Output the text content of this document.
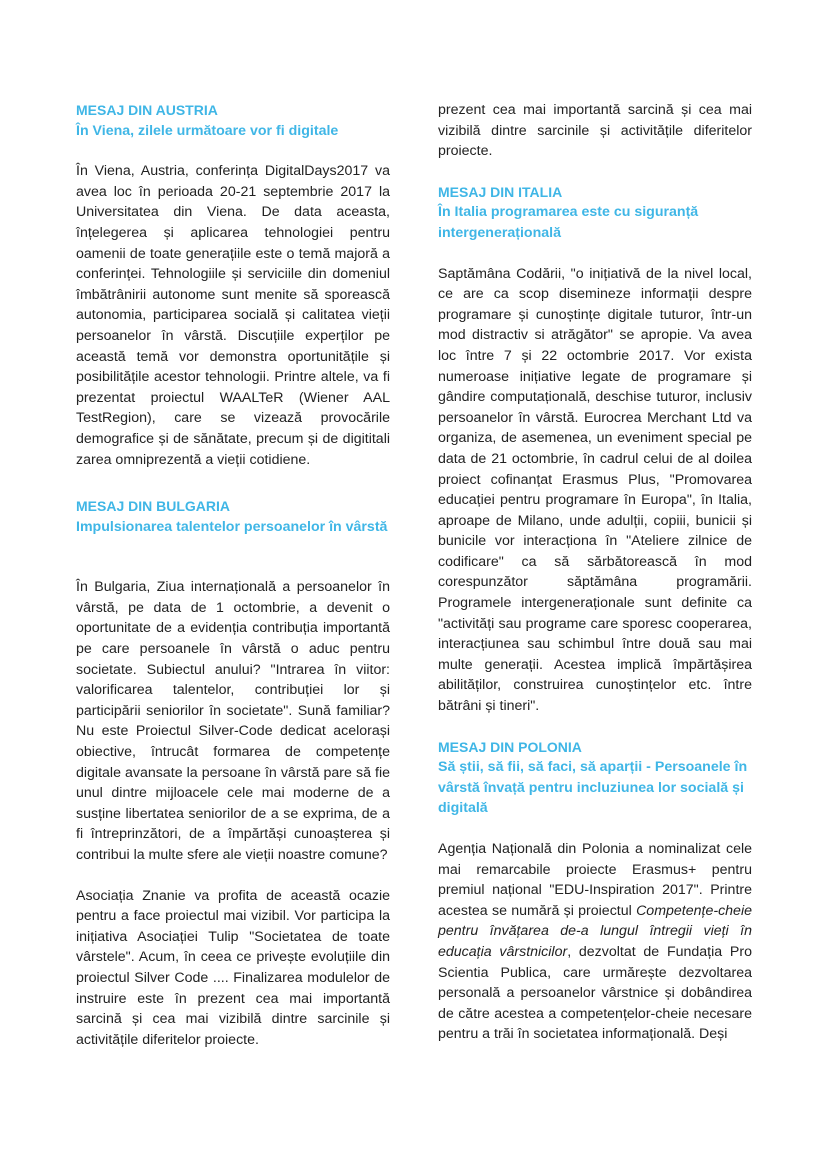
MESAJ DIN AUSTRIA
În Viena, zilele următoare vor fi digitale

În Viena, Austria, conferința DigitalDays2017 va avea loc în perioada 20-21 septembrie 2017 la Universitatea din Viena. De data aceasta, înțelegerea și aplicarea tehnologiei pentru oamenii de toate generațiile este o temă majoră a conferinței. Tehnologiile și serviciile din domeniul îmbătrânirii autonome sunt menite să sporească autonomia, participarea socială și calitatea vieții persoanelor în vârstă. Discuțiile experților pe această temă vor demonstra oportunitățile și posibilitățile acestor tehnologii. Printre altele, va fi prezentat proiectul WAALTeR (Wiener AAL TestRegion), care se vizează provocările demografice și de sănătate, precum și de digititali zarea omniprezentă a vieții cotidiene.

MESAJ DIN BULGARIA
Impulsionarea talentelor persoanelor în vârstă

În Bulgaria, Ziua internațională a persoanelor în vârstă, pe data de 1 octombrie, a devenit o oportunitate de a evidenția contribuția importantă pe care persoanele în vârstă o aduc pentru societate. Subiectul anului? "Intrarea în viitor: valorificarea talentelor, contribuției lor și participării seniorilor în societate". Sună familiar? Nu este Proiectul Silver-Code dedicat acelorași obiective, întrucât formarea de competențe digitale avansate la persoane în vârstă pare să fie unul dintre mijloacele cele mai moderne de a susține libertatea seniorilor de a se exprima, de a fi întreprinzători, de a împărtăși cunoașterea și contribui la multe sfere ale vieții noastre comune?

Asociația Znanie va profita de această ocazie pentru a face proiectul mai vizibil. Vor participa la inițiativa Asociației Tulip "Societatea de toate vârstele". Acum, în ceea ce privește evoluțiile din proiectul Silver Code .... Finalizarea modulelor de instruire este în prezent cea mai importantă sarcină și cea mai vizibilă dintre sarcinile și activitățile diferitelor proiecte.

prezent cea mai importantă sarcină și cea mai vizibilă dintre sarcinile și activitățile diferitelor proiecte.

MESAJ DIN ITALIA
În Italia programarea este cu siguranță intergenerațională

Saptămâna Codării, "o inițiativă de la nivel local, ce are ca scop disemineze informații despre programare și cunoștințe digitale tuturor, într-un mod distractiv si atrăgător" se apropie. Va avea loc între 7 și 22 octombrie 2017. Vor exista numeroase inițiative legate de programare și gândire computațională, deschise tuturor, inclusiv persoanelor în vârstă. Eurocrea Merchant Ltd va organiza, de asemenea, un eveniment special pe data de 21 octombrie, în cadrul celui de al doilea proiect cofinanțat Erasmus Plus, "Promovarea educației pentru programare în Europa", în Italia, aproape de Milano, unde adulții, copiii, bunicii și bunicile vor interacționa în "Ateliere zilnice de codificare" ca să sărbătorească în mod corespunzător săptămâna programării. Programele intergeneraționale sunt definite ca "activități sau programe care sporesc cooperarea, interacțiunea sau schimbul între două sau mai multe generații. Acestea implică împărtășirea abilităților, construirea cunoștințelor etc. între bătrâni și tineri".

MESAJ DIN POLONIA
Să știi, să fii, să faci, să aparții - Persoanele în vârstă învață pentru incluziunea lor socială și digitală

Agenția Națională din Polonia a nominalizat cele mai remarcabile proiecte Erasmus+ pentru premiul național "EDU-Inspiration 2017". Printre acestea se numără și proiectul Competențe-cheie pentru învățarea de-a lungul întregii vieți în educația vârstnicilor, dezvoltat de Fundația Pro Scientia Publica, care urmărește dezvoltarea personală a persoanelor vârstnice și dobândirea de către acestea a competențelor-cheie necesare pentru a trăi în societatea informațională. Deși
